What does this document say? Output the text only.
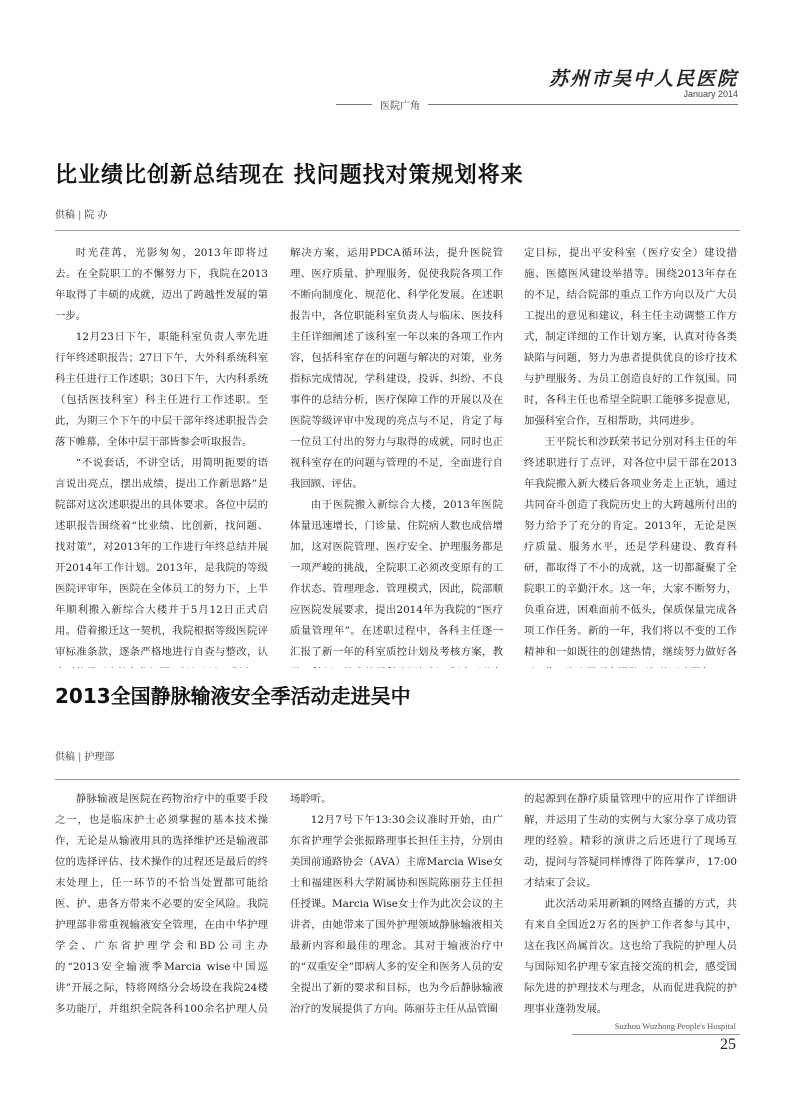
苏州市吴中人民医院
January 2014
医院广角
比业绩比创新总结现在 找问题找对策规划将来
供稿 | 院 办

时光荏苒，光影匆匆，2013年即将过去。在全院职工的不懈努力下，我院在2013年取得了丰硕的成就，迈出了跨越性发展的第一步。

12月23日下午，职能科室负责人率先进行年终述职报告；27日下午，大外科系统科室科主任进行工作述职；30日下午，大内科系统（包括医技科室）科主任进行工作述职。至此，为期三个下午的中层干部年终述职报告会落下帷幕，全体中层干部皆参会听取报告。

“不说套话，不讲空话，用简明扼要的语言说出亮点，摆出成绩，提出工作新思路”是院部对这次述职提出的具体要求。各位中层的述职报告围绕着“比业绩、比创新，找问题、找对策”，对2013年的工作进行年终总结并展开2014年工作计划。2013年，是我院的等级医院评审年，医院在全体员工的努力下，上半年顺利搬入新综合大楼并于5月12日正式启用。借着搬迁这一契机，我院根据等级医院评审标准条款，逐条严格地进行自查与整改，认

解决方案，运用PDCA循环法，提升医院管理、医疗质量、护理服务，促使我院各项工作不断向制度化、规范化、科学化发展。在述职报告中，各位职能科室负责人与临床、医技科主任详细阐述了该科室一年以来的各项工作内容，包括科室存在的问题与解决的对策，业务指标完成情况，学科建设，投诉、纠纷、不良事件的总结分析，医疗保障工作的开展以及在医院等级评审中发现的亮点与不足，肯定了每一位员工付出的努力与取得的成就，同时也正视科室存在的问题与管理的不足，全面进行自我回顾、评估。

由于医院搬入新综合大楼，2013年医院体量迅速增长，门诊量、住院病人数也成倍增加，这对医院管理、医疗安全、护理服务都是一项严峻的挑战，全院职工必须改变原有的工作状态、管理理念、管理模式，因此，院部顺应医院发展要求，提出2014年为我院的“医疗质量管理年”。在述职过程中，各科主任逐一汇报了新一年的科室质控计划及考核方案，教

定目标，提出平安科室（医疗安全）建设措施、医德医风建设举措等。围绕2013年存在的不足，结合院部的重点工作方向以及广大员工提出的意见和建议，科主任主动调整工作方式，制定详细的工作计划方案，认真对待各类缺陷与问题，努力为患者提供优良的诊疗技术与护理服务、为员工创造良好的工作氛围。同时，各科主任也希望全院职工能够多提意见，加强科室合作，互相帮助，共同进步。

王平院长和沙跃荣书记分别对科主任的年终述职进行了点评，对各位中层干部在2013年我院搬入新大楼后各项业务走上正轨，通过共同奋斗创造了我院历史上的大跨越所付出的努力给予了充分的肯定。2013年，无论是医疗质量、服务水平，还是学科建设、教育科研，都取得了不小的成就，这一切都凝聚了全院职工的辛勤汗水。这一年，大家不断努力，负重奋进，困难面前不低头，保质保量完成各项工作任务。新的一年，我们将以不变的工作精神和一如既往的创建热情，继续努力做好各

2013全国静脉输液安全季活动走进吴中
供稿 | 护理部

静脉输液是医院在药物治疗中的重要手段之一，也是临床护士必须掌握的基本技术操作，无论是从输液用具的选择维护还是输液部位的选择评估、技术操作的过程还是最后的终末处理上，任一环节的不恰当处置都可能给医、护、患各方带来不必要的安全风险。我院护理部非常重视输液安全管理，在由中华护理学会、广东省护理学会和BD公司主办的“2013安全输液季Marcia wise中国巡讲”开展之际，特将网络分会场设在我院24楼多功能厅，并组织全院各科100余名护理人员

场聆听。

12月7号下午13:30会议准时开始，由广东省护理学会张振路理事长担任主持，分别由美国前通路协会（AVA）主席Marcia Wise女士和福建医科大学附属协和医院陈丽芬主任担任授课。Marcia Wise女士作为此次会议的主讲者，由她带来了国外护理领域静脉输液相关最新内容和最佳的理念。其对于输液治疗中的“双重安全”即病人多的安全和医务人员的安全提出了新的要求和目标，也为今后静脉输液治疗的发展提供了方向。陈丽芬主任从品管圈

的起源到在静疗质量管理中的应用作了详细讲解，并运用了生动的实例与大家分享了成功管理的经验。精彩的演讲之后还进行了现场互动，提问与答疑同样博得了阵阵掌声，17:00才结束了会议。

此次活动采用新颖的网络直播的方式，共有来自全国近2万名的医护工作者参与其中，这在我区尚属首次。这也给了我院的护理人员与国际知名护理专家直接交流的机会，感受国际先进的护理技术与理念，从而促进我院的护理事业蓬勃发展。

Suzhou Wuzhong People's Hospital
25
